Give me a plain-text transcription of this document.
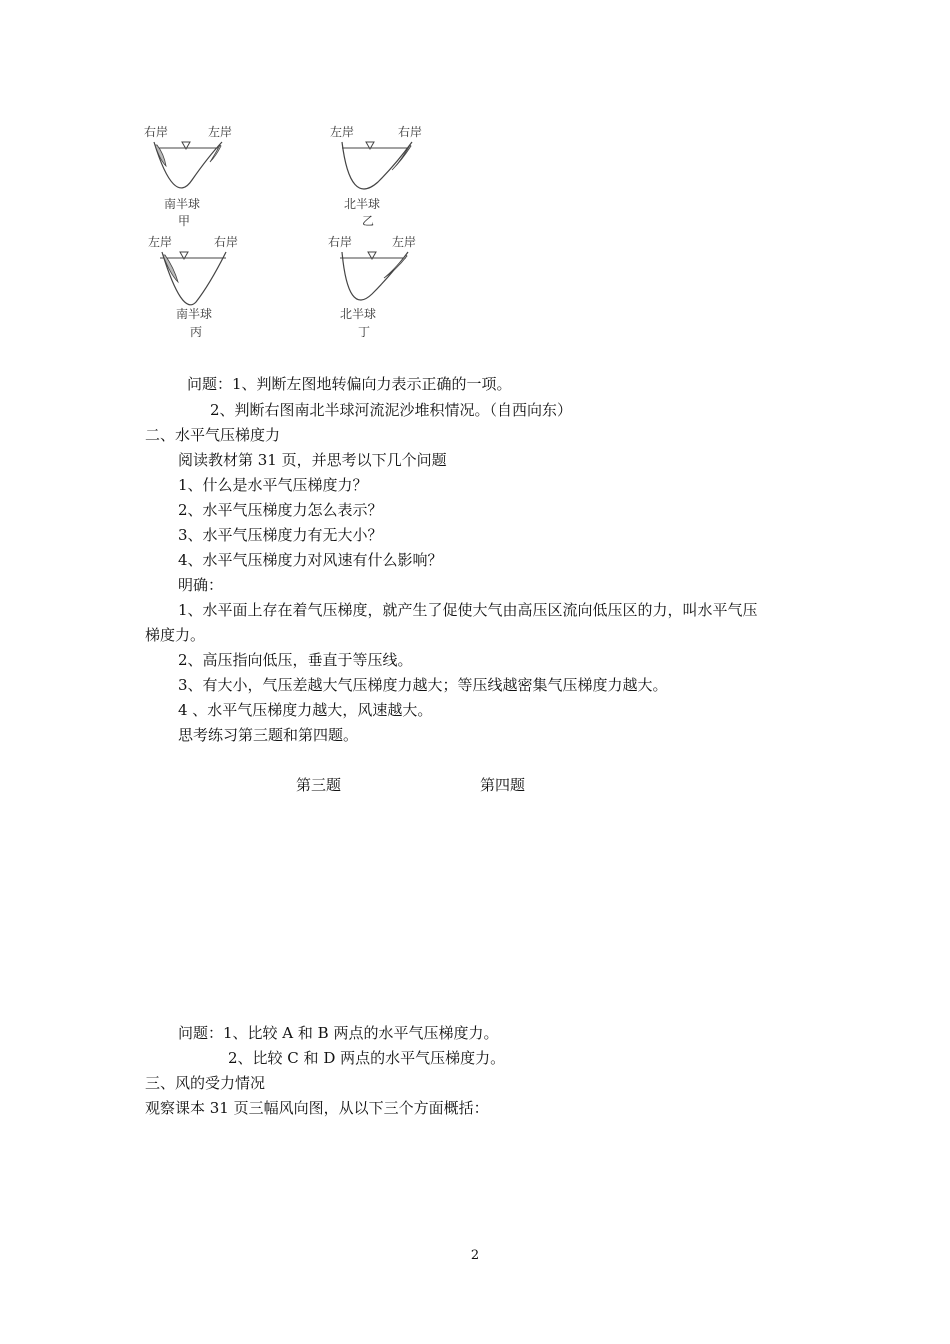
右岸	左岸
南半球
甲
左岸	右岸
北半球
乙
左岸	右岸
南半球
丙
右岸	左岸
北半球
丁
问题：1、判断左图地转偏向力表示正确的一项。
2、判断右图南北半球河流泥沙堆积情况。（自西向东）
二、水平气压梯度力
阅读教材第 31 页，并思考以下几个问题
1、什么是水平气压梯度力？
2、水平气压梯度力怎么表示？
3、水平气压梯度力有无大小？
4、水平气压梯度力对风速有什么影响？
明确：
1、水平面上存在着气压梯度，就产生了促使大气由高压区流向低压区的力，叫水平气压
梯度力。
2、高压指向低压，垂直于等压线。
3、有大小，气压差越大气压梯度力越大；等压线越密集气压梯度力越大。
4 、水平气压梯度力越大，风速越大。
思考练习第三题和第四题。
第三题	第四题
问题：1、比较 A 和 B 两点的水平气压梯度力。
2、比较 C 和 D 两点的水平气压梯度力。
三、风的受力情况
观察课本 31 页三幅风向图，从以下三个方面概括：
2
